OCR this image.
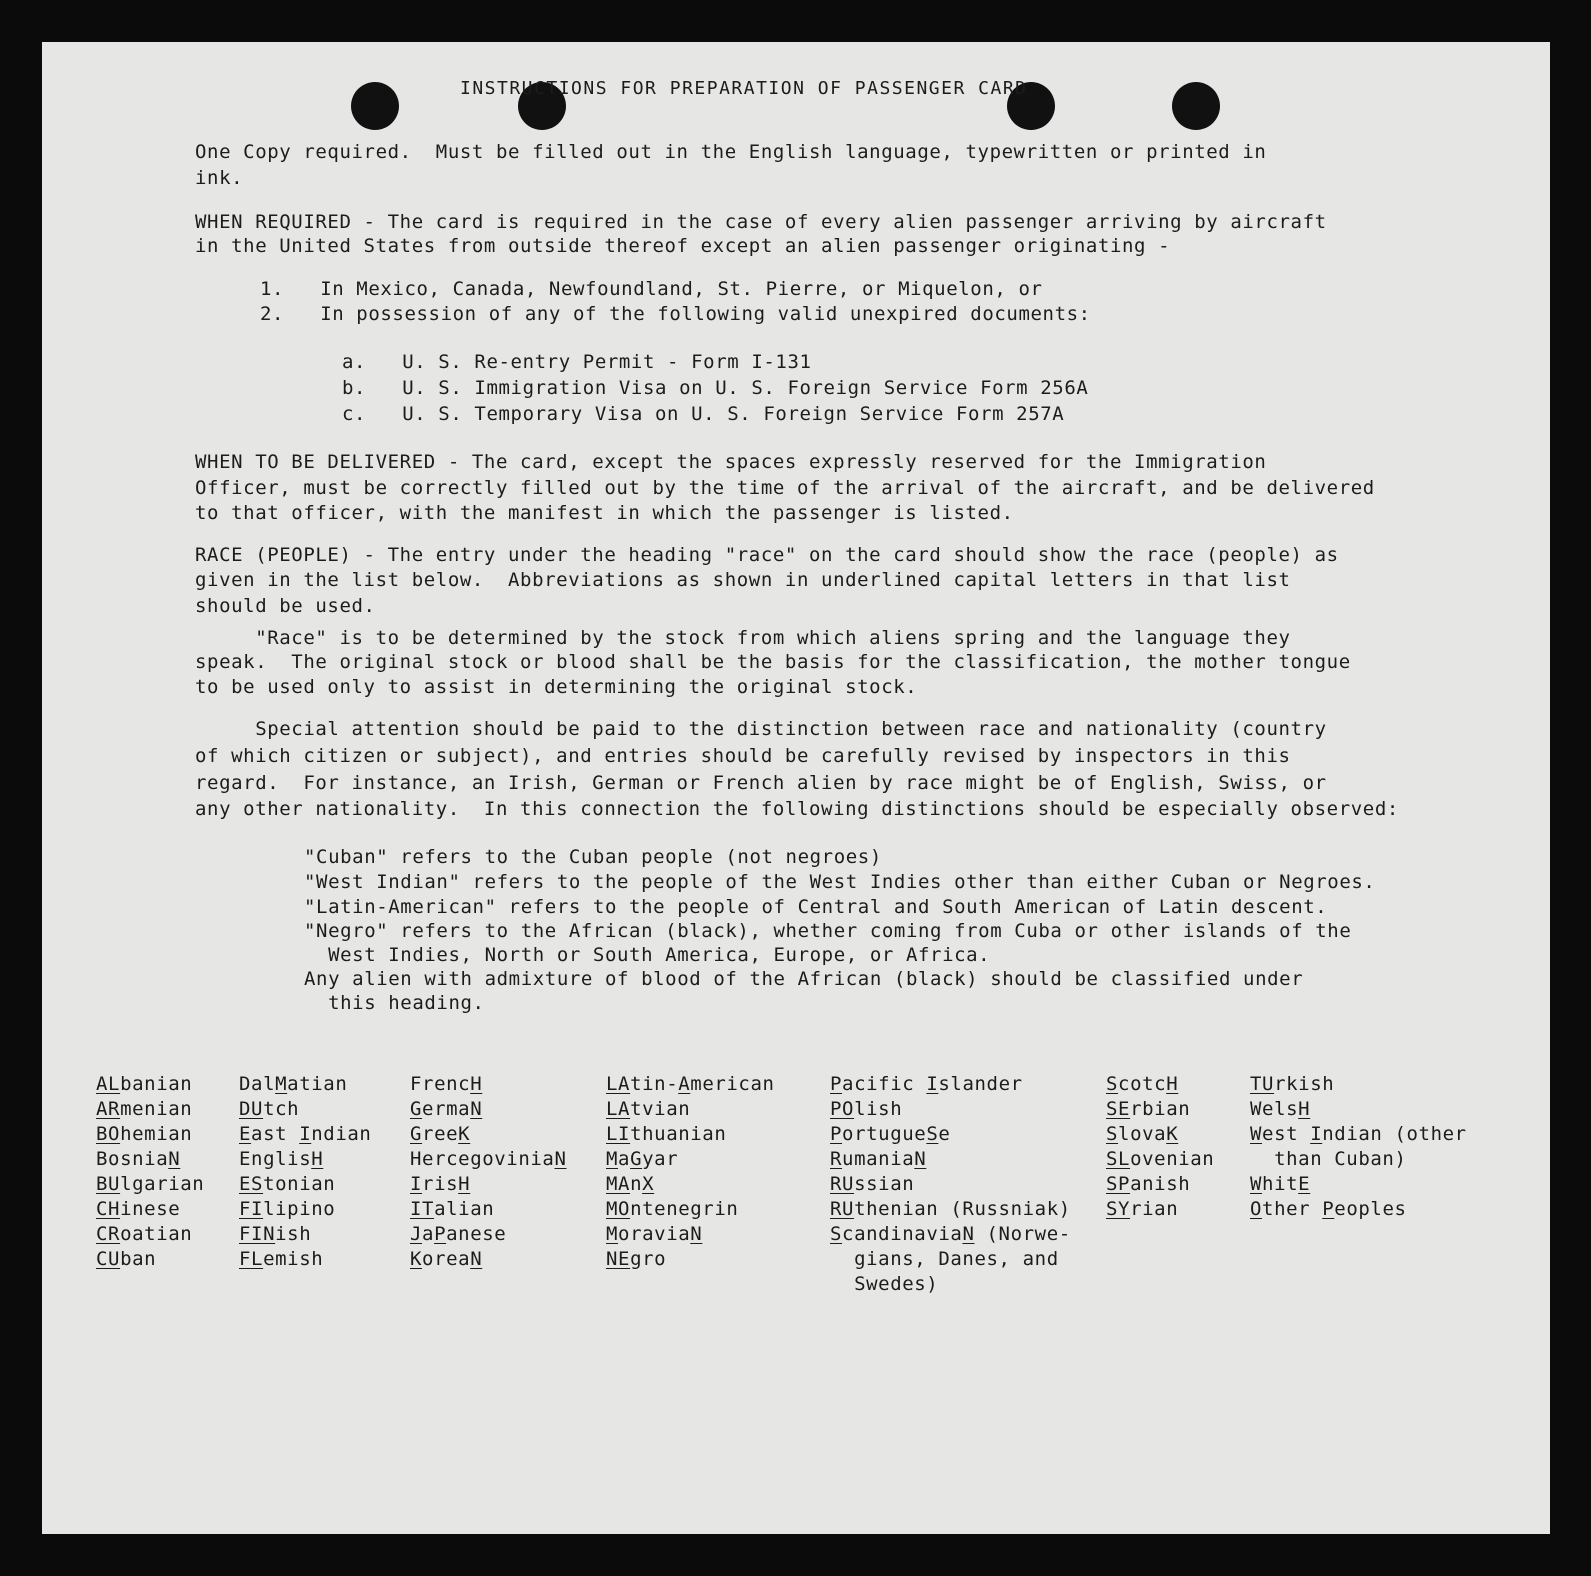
INSTRUCTIONS FOR PREPARATION OF PASSENGER CARD
One Copy required.  Must be filled out in the English language, typewritten or printed in
ink.
WHEN REQUIRED - The card is required in the case of every alien passenger arriving by aircraft
in the United States from outside thereof except an alien passenger originating -
1.   In Mexico, Canada, Newfoundland, St. Pierre, or Miquelon, or
2.   In possession of any of the following valid unexpired documents:
a.   U. S. Re-entry Permit - Form I-131
b.   U. S. Immigration Visa on U. S. Foreign Service Form 256A
c.   U. S. Temporary Visa on U. S. Foreign Service Form 257A
WHEN TO BE DELIVERED - The card, except the spaces expressly reserved for the Immigration
Officer, must be correctly filled out by the time of the arrival of the aircraft, and be delivered
to that officer, with the manifest in which the passenger is listed.
RACE (PEOPLE) - The entry under the heading "race" on the card should show the race (people) as
given in the list below.  Abbreviations as shown in underlined capital letters in that list
should be used.
"Race" is to be determined by the stock from which aliens spring and the language they
speak.  The original stock or blood shall be the basis for the classification, the mother tongue
to be used only to assist in determining the original stock.
Special attention should be paid to the distinction between race and nationality (country
of which citizen or subject), and entries should be carefully revised by inspectors in this
regard.  For instance, an Irish, German or French alien by race might be of English, Swiss, or
any other nationality.  In this connection the following distinctions should be especially observed:
"Cuban" refers to the Cuban people (not negroes)
"West Indian" refers to the people of the West Indies other than either Cuban or Negroes.
"Latin-American" refers to the people of Central and South American of Latin descent.
"Negro" refers to the African (black), whether coming from Cuba or other islands of the
West Indies, North or South America, Europe, or Africa.
Any alien with admixture of blood of the African (black) should be classified under
this heading.
ALbanian
ARmenian
BOhemian
BosniaN
BUlgarian
CHinese
CRoatian
CUban
DalMatian
DUtch
East Indian
EnglisH
EStonian
FIlipino
FINish
FLemish
FrencH
GermaN
GreeK
HercegoviniaN
IrisH
ITalian
JaPanese
KoreaN
LAtin-American
LAtvian
LIthuanian
MaGyar
MAnX
MOntenegrin
MoraviaN
NEgro
Pacific Islander
POlish
PortugueSe
RumaniaN
RUssian
RUthenian (Russniak)
ScandinaviaN (Norwe-
gians, Danes, and
Swedes)
ScotcH
SErbian
SlovaK
SLovenian
SPanish
SYrian
TUrkish
WelsH
West Indian (other
than Cuban)
WhitE
Other Peoples
